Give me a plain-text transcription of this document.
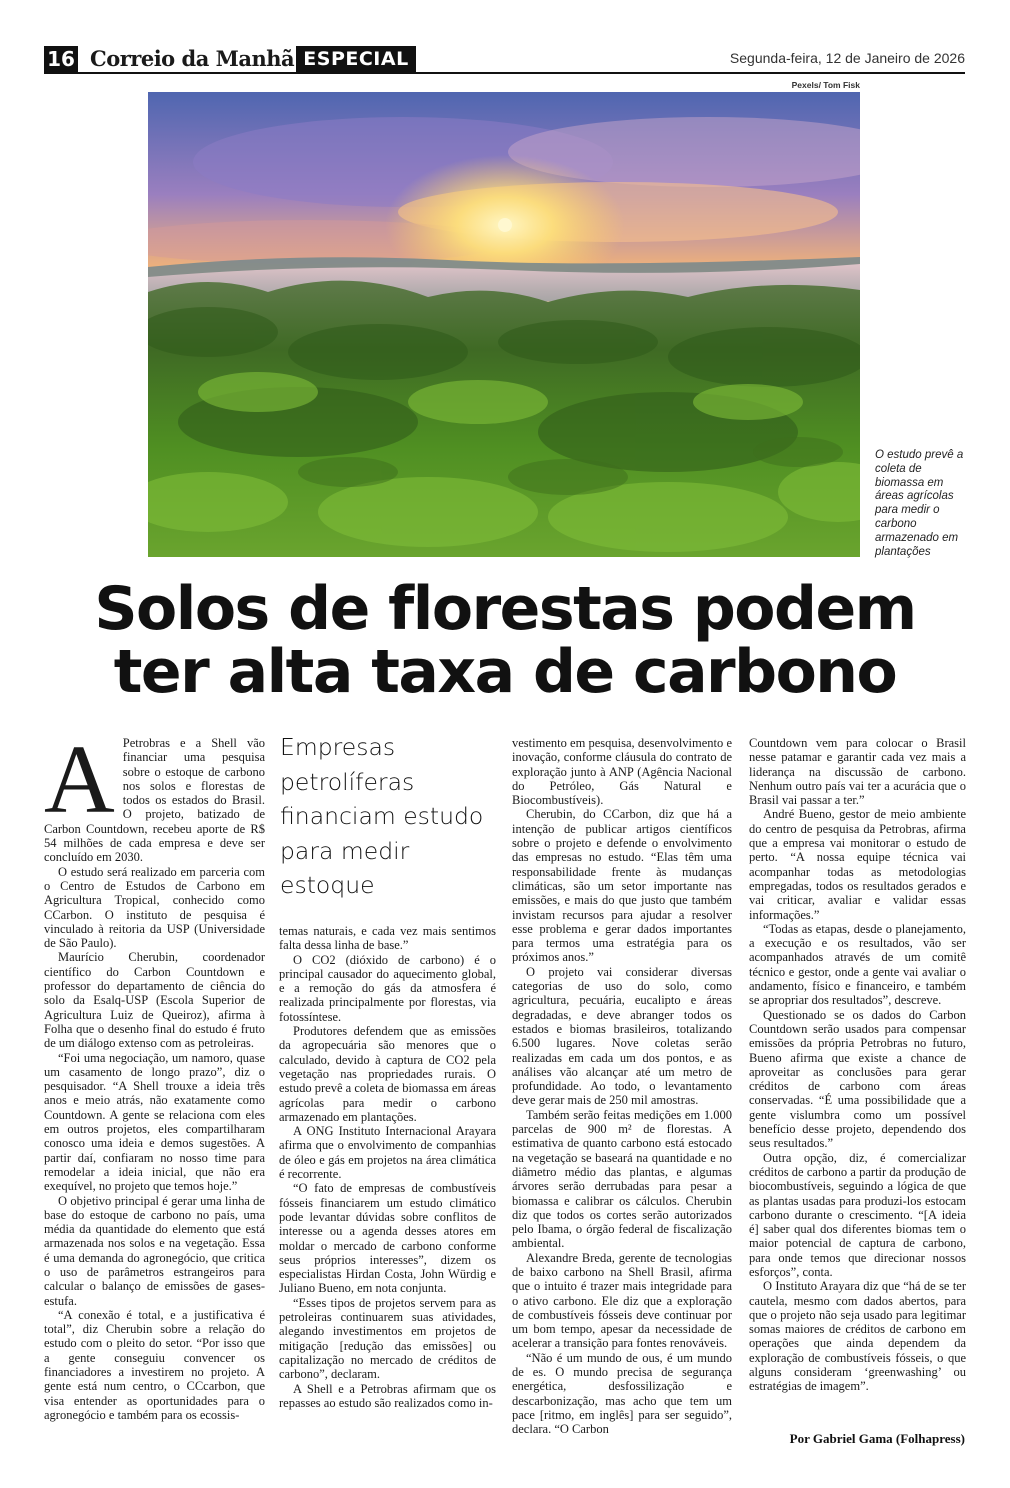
16 Correio da Manhã ESPECIAL	Segunda-feira, 12 de Janeiro de 2026
Pexels/ Tom Fisk
O estudo prevê a coleta de biomassa em áreas agrícolas para medir o carbono armazenado em plantações
Solos de florestas podem ter alta taxa de carbono
Empresas petrolíferas financiam estudo para medir estoque
A Petrobras e a Shell vão financiar uma pesquisa sobre o estoque de carbono nos solos e florestas de todos os estados do Brasil. O projeto, batizado de Carbon Countdown, recebeu aporte de R$ 54 milhões de cada empresa e deve ser concluído em 2030.

O estudo será realizado em parceria com o Centro de Estudos de Carbono em Agricultura Tropical, conhecido como CCarbon. O instituto de pesquisa é vinculado à reitoria da USP (Universidade de São Paulo).

Maurício Cherubin, coordenador científico do Carbon Countdown e professor do departamento de ciência do solo da Esalq-USP (Escola Superior de Agricultura Luiz de Queiroz), afirma à Folha que o desenho final do estudo é fruto de um diálogo extenso com as petroleiras.

“Foi uma negociação, um namoro, quase um casamento de longo prazo”, diz o pesquisador. “A Shell trouxe a ideia três anos e meio atrás, não exatamente como Countdown. A gente se relaciona com eles em outros projetos, eles compartilharam conosco uma ideia e demos sugestões. A partir daí, confiaram no nosso time para remodelar a ideia inicial, que não era exequível, no projeto que temos hoje.”

O objetivo principal é gerar uma linha de base do estoque de carbono no país, uma média da quantidade do elemento que está armazenada nos solos e na vegetação. Essa é uma demanda do agronegócio, que critica o uso de parâmetros estrangeiros para calcular o balanço de emissões de gases-estufa.

“A conexão é total, e a justificativa é total”, diz Cherubin sobre a relação do estudo com o pleito do setor. “Por isso que a gente conseguiu convencer os financiadores a investirem no projeto. A gente está num centro, o CCcarbon, que visa entender as oportunidades para o agronegócio e também para os ecossis-

temas naturais, e cada vez mais sentimos falta dessa linha de base.”

O CO2 (dióxido de carbono) é o principal causador do aquecimento global, e a remoção do gás da atmosfera é realizada principalmente por florestas, via fotossíntese.

Produtores defendem que as emissões da agropecuária são menores que o calculado, devido à captura de CO2 pela vegetação nas propriedades rurais. O estudo prevê a coleta de biomassa em áreas agrícolas para medir o carbono armazenado em plantações.

A ONG Instituto Internacional Arayara afirma que o envolvimento de companhias de óleo e gás em projetos na área climática é recorrente.

“O fato de empresas de combustíveis fósseis financiarem um estudo climático pode levantar dúvidas sobre conflitos de interesse ou a agenda desses atores em moldar o mercado de carbono conforme seus próprios interesses”, dizem os especialistas Hirdan Costa, John Würdig e Juliano Bueno, em nota conjunta.

“Esses tipos de projetos servem para as petroleiras continuarem suas atividades, alegando investimentos em projetos de mitigação [redução das emissões] ou capitalização no mercado de créditos de carbono”, declaram.

A Shell e a Petrobras afirmam que os repasses ao estudo são realizados como in-

vestimento em pesquisa, desenvolvimento e inovação, conforme cláusula do contrato de exploração junto à ANP (Agência Nacional do Petróleo, Gás Natural e Biocombustíveis).

Cherubin, do CCarbon, diz que há a intenção de publicar artigos científicos sobre o projeto e defende o envolvimento das empresas no estudo. “Elas têm uma responsabilidade frente às mudanças climáticas, são um setor importante nas emissões, e mais do que justo que também invistam recursos para ajudar a resolver esse problema e gerar dados importantes para termos uma estratégia para os próximos anos.”

O projeto vai considerar diversas categorias de uso do solo, como agricultura, pecuária, eucalipto e áreas degradadas, e deve abranger todos os estados e biomas brasileiros, totalizando 6.500 lugares. Nove coletas serão realizadas em cada um dos pontos, e as análises vão alcançar até um metro de profundidade. Ao todo, o levantamento deve gerar mais de 250 mil amostras.

Também serão feitas medições em 1.000 parcelas de 900 m² de florestas. A estimativa de quanto carbono está estocado na vegetação se baseará na quantidade e no diâmetro médio das plantas, e algumas árvores serão derrubadas para pesar a biomassa e calibrar os cálculos. Cherubin diz que todos os cortes serão autorizados pelo Ibama, o órgão federal de fiscalização ambiental.

Alexandre Breda, gerente de tecnologias de baixo carbono na Shell Brasil, afirma que o intuito é trazer mais integridade para o ativo carbono. Ele diz que a exploração de combustíveis fósseis deve continuar por um bom tempo, apesar da necessidade de acelerar a transição para fontes renováveis.

“Não é um mundo de ous, é um mundo de es. O mundo precisa de segurança energética, desfossilização e descarbonização, mas acho que tem um pace [ritmo, em inglês] para ser seguido”, declara. “O Carbon

Countdown vem para colocar o Brasil nesse patamar e garantir cada vez mais a liderança na discussão de carbono. Nenhum outro país vai ter a acurácia que o Brasil vai passar a ter.”

André Bueno, gestor de meio ambiente do centro de pesquisa da Petrobras, afirma que a empresa vai monitorar o estudo de perto. “A nossa equipe técnica vai acompanhar todas as metodologias empregadas, todos os resultados gerados e vai criticar, avaliar e validar essas informações.”

“Todas as etapas, desde o planejamento, a execução e os resultados, vão ser acompanhados através de um comitê técnico e gestor, onde a gente vai avaliar o andamento, físico e financeiro, e também se apropriar dos resultados”, descreve.

Questionado se os dados do Carbon Countdown serão usados para compensar emissões da própria Petrobras no futuro, Bueno afirma que existe a chance de aproveitar as conclusões para gerar créditos de carbono com áreas conservadas. “É uma possibilidade que a gente vislumbra como um possível benefício desse projeto, dependendo dos seus resultados.”

Outra opção, diz, é comercializar créditos de carbono a partir da produção de biocombustíveis, seguindo a lógica de que as plantas usadas para produzi-los estocam carbono durante o crescimento. “[A ideia é] saber qual dos diferentes biomas tem o maior potencial de captura de carbono, para onde temos que direcionar nossos esforços”, conta.

O Instituto Arayara diz que “há de se ter cautela, mesmo com dados abertos, para que o projeto não seja usado para legitimar somas maiores de créditos de carbono em operações que ainda dependem da exploração de combustíveis fósseis, o que alguns consideram ‘greenwashing’ ou estratégias de imagem”.

Por Gabriel Gama (Folhapress)
